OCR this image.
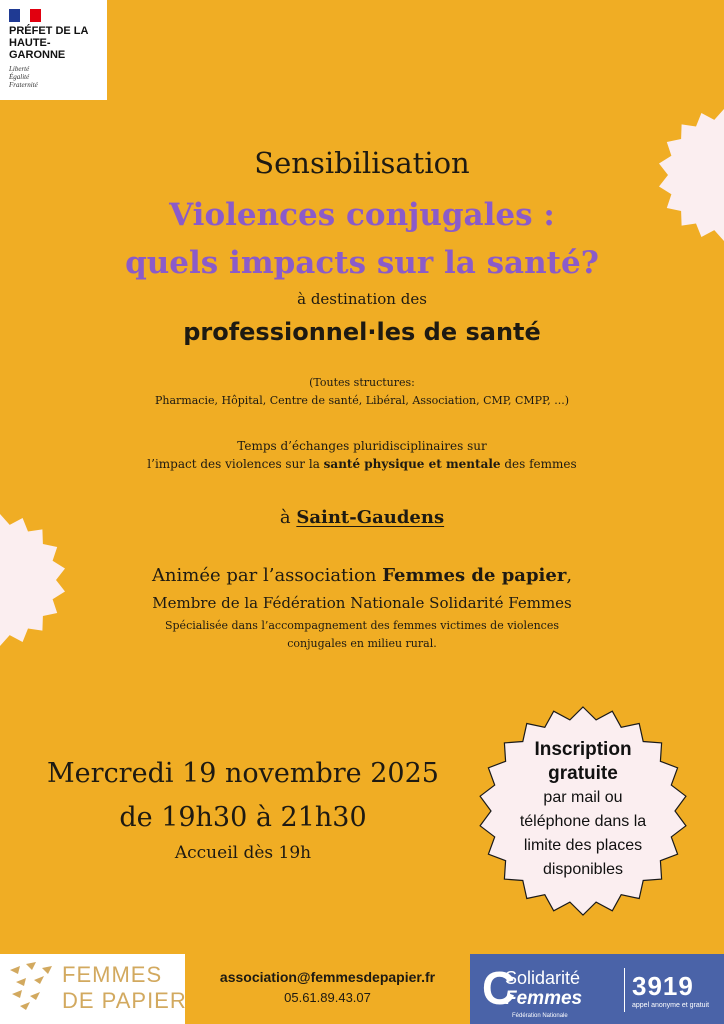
PRÉFET DE LA HAUTE-GARONNE
Liberté
Égalité
Fraternité
Sensibilisation
Violences conjugales :
quels impacts sur la santé?
à destination des
professionnel·les de santé
(Toutes structures:
Pharmacie, Hôpital, Centre de santé, Libéral, Association, CMP, CMPP, ...)
Temps d’échanges pluridisciplinaires sur
l’impact des violences sur la santé physique et mentale des femmes
à Saint-Gaudens
Animée par l’association Femmes de papier,
Membre de la Fédération Nationale Solidarité Femmes
Spécialisée dans l’accompagnement des femmes victimes de violences
conjugales en milieu rural.
Mercredi 19 novembre 2025
de 19h30 à 21h30
Accueil dès 19h
Inscription
gratuite
par mail ou
téléphone dans la
limite des places
disponibles
FEMMES
DE PAPIER
association@femmesdepapier.fr
05.61.89.43.07	C
Solidarité
Femmes
Fédération Nationale
3919
appel anonyme et gratuit
